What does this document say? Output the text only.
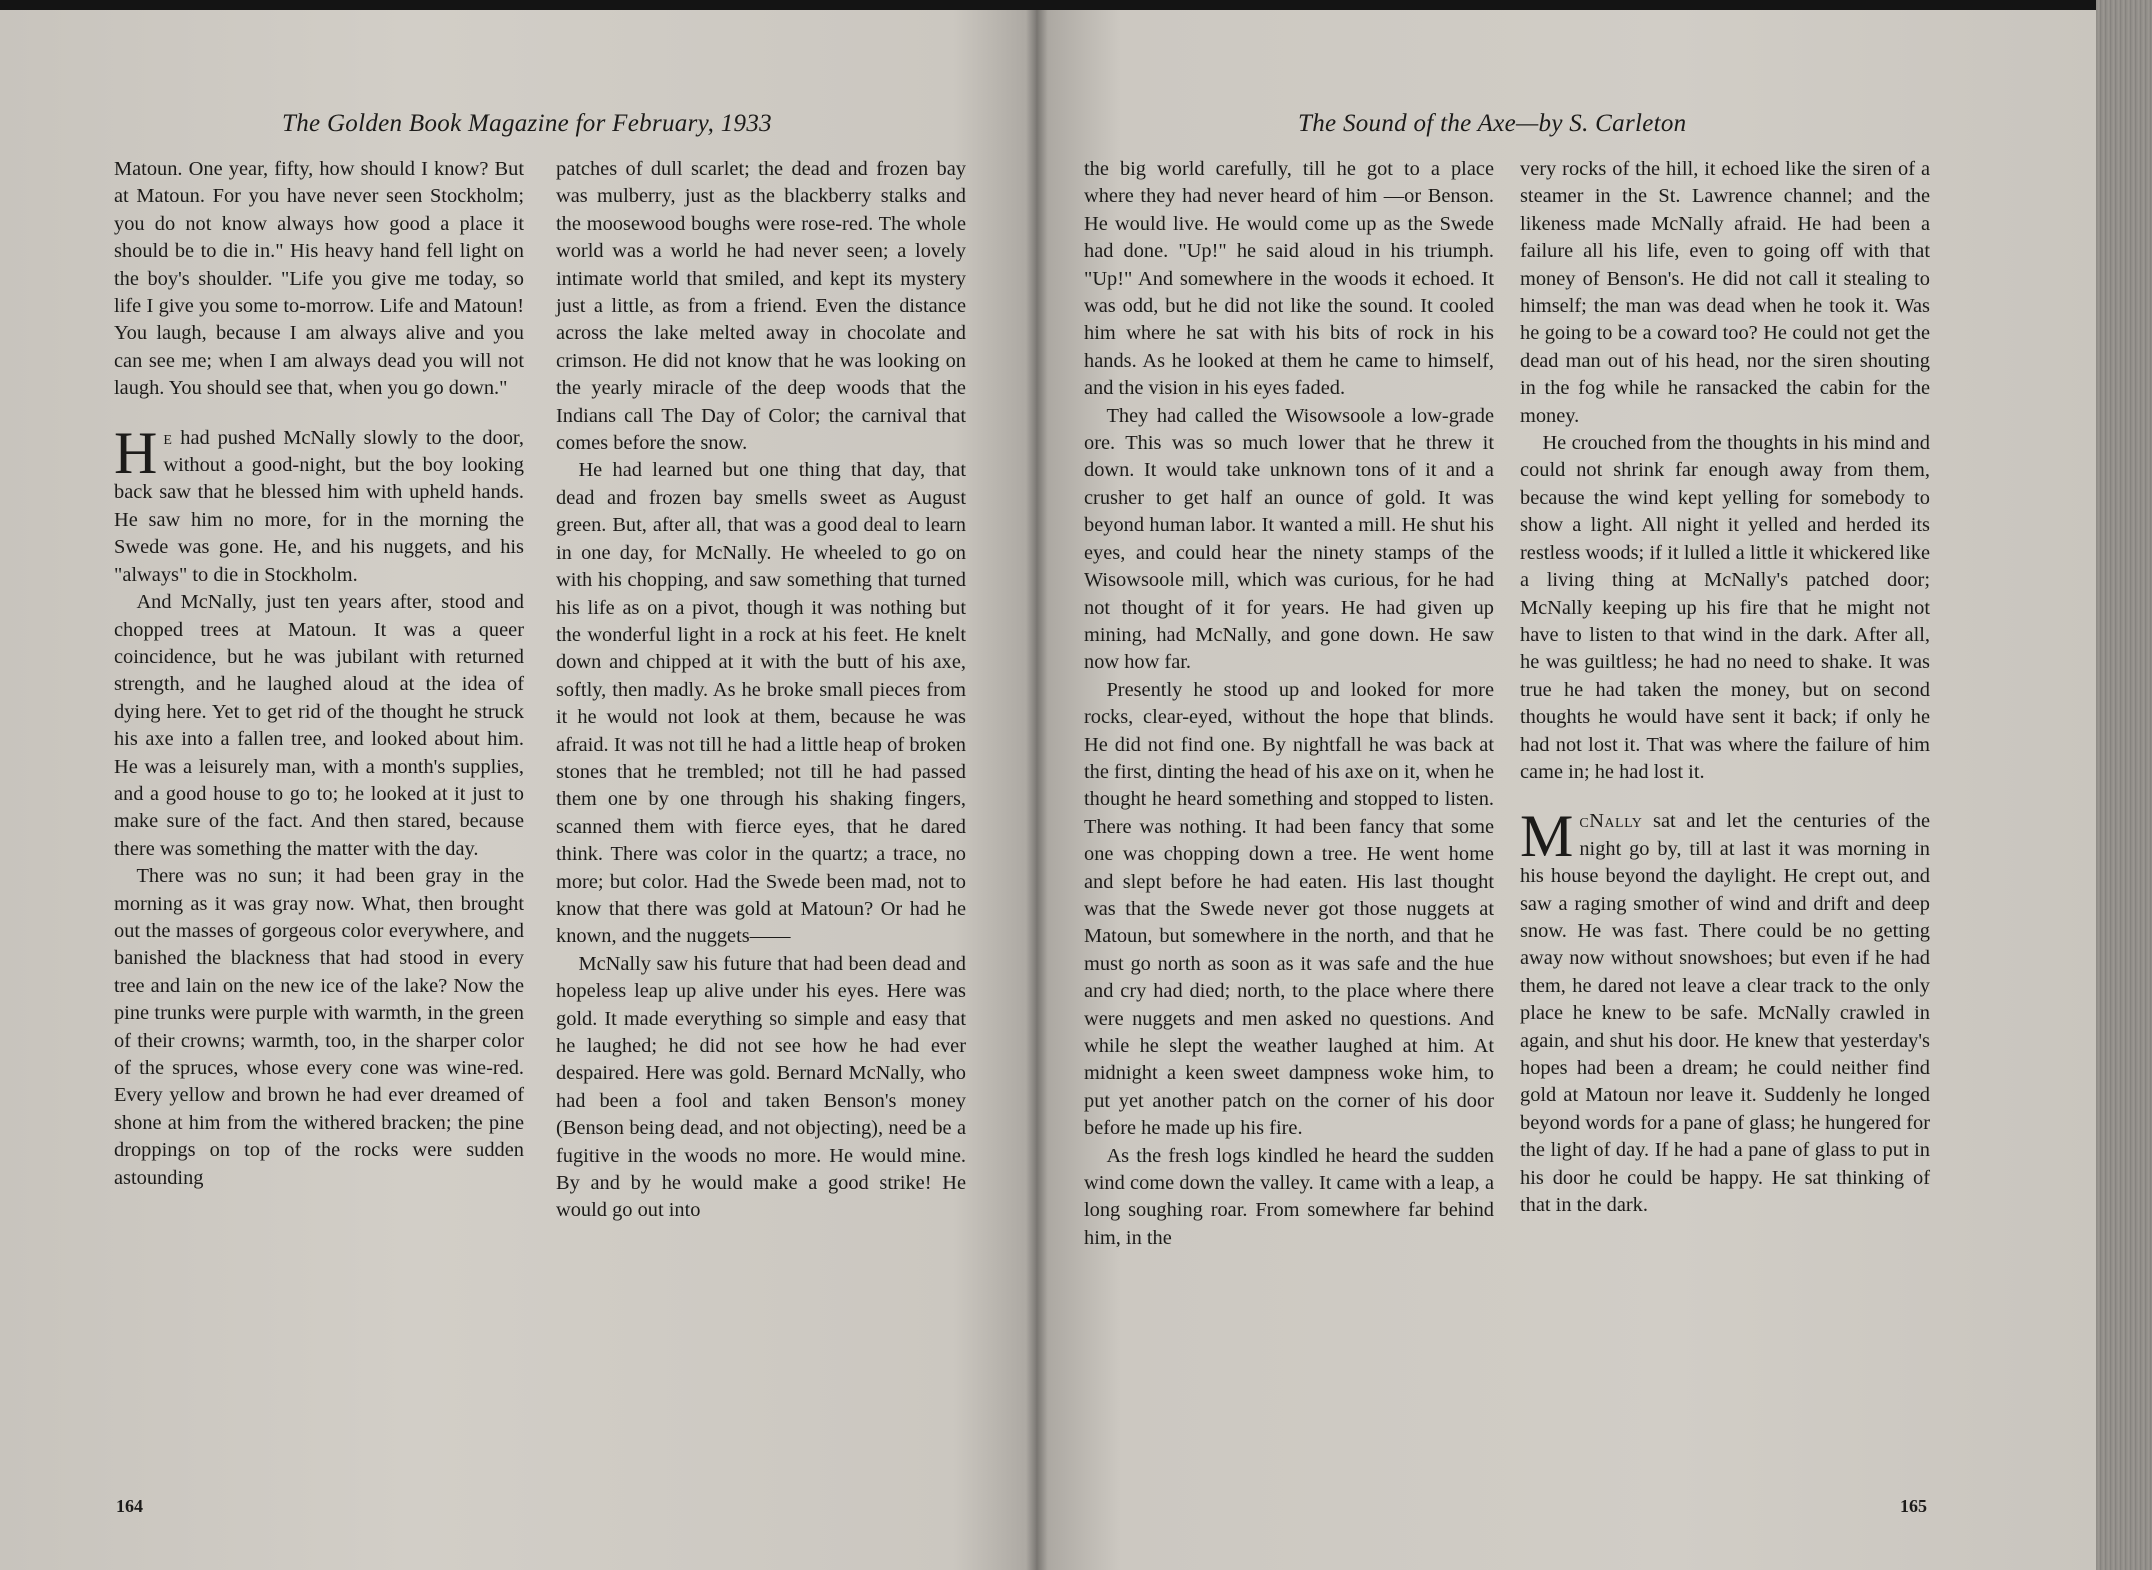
The Golden Book Magazine for February, 1933

Matoun. One year, fifty, how should I know? But at Matoun. For you have never seen Stockholm; you do not know always how good a place it should be to die in." His heavy hand fell light on the boy's shoulder. "Life you give me today, so life I give you some to-morrow. Life and Matoun! You laugh, because I am always alive and you can see me; when I am always dead you will not laugh. You should see that, when you go down."

He had pushed McNally slowly to the door, without a good-night, but the boy looking back saw that he blessed him with upheld hands. He saw him no more, for in the morning the Swede was gone. He, and his nuggets, and his "always" to die in Stockholm.

And McNally, just ten years after, stood and chopped trees at Matoun. It was a queer coincidence, but he was jubilant with returned strength, and he laughed aloud at the idea of dying here. Yet to get rid of the thought he struck his axe into a fallen tree, and looked about him. He was a leisurely man, with a month's supplies, and a good house to go to; he looked at it just to make sure of the fact. And then stared, because there was something the matter with the day.

There was no sun; it had been gray in the morning as it was gray now. What, then brought out the masses of gorgeous color everywhere, and banished the blackness that had stood in every tree and lain on the new ice of the lake? Now the pine trunks were purple with warmth, in the green of their crowns; warmth, too, in the sharper color of the spruces, whose every cone was wine-red. Every yellow and brown he had ever dreamed of shone at him from the withered bracken; the pine droppings on top of the rocks were sudden astounding

patches of dull scarlet; the dead and frozen bay was mulberry, just as the blackberry stalks and the moosewood boughs were rose-red. The whole world was a world he had never seen; a lovely intimate world that smiled, and kept its mystery just a little, as from a friend. Even the distance across the lake melted away in chocolate and crimson. He did not know that he was looking on the yearly miracle of the deep woods that the Indians call The Day of Color; the carnival that comes before the snow.

He had learned but one thing that day, that dead and frozen bay smells sweet as August green. But, after all, that was a good deal to learn in one day, for McNally. He wheeled to go on with his chopping, and saw something that turned his life as on a pivot, though it was nothing but the wonderful light in a rock at his feet. He knelt down and chipped at it with the butt of his axe, softly, then madly. As he broke small pieces from it he would not look at them, because he was afraid. It was not till he had a little heap of broken stones that he trembled; not till he had passed them one by one through his shaking fingers, scanned them with fierce eyes, that he dared think. There was color in the quartz; a trace, no more; but color. Had the Swede been mad, not to know that there was gold at Matoun? Or had he known, and the nuggets——

McNally saw his future that had been dead and hopeless leap up alive under his eyes. Here was gold. It made everything so simple and easy that he laughed; he did not see how he had ever despaired. Here was gold. Bernard McNally, who had been a fool and taken Benson's money (Benson being dead, and not objecting), need be a fugitive in the woods no more. He would mine. By and by he would make a good strike! He would go out into

164
The Sound of the Axe—by S. Carleton

the big world carefully, till he got to a place where they had never heard of him —or Benson. He would live. He would come up as the Swede had done. "Up!" he said aloud in his triumph. "Up!" And somewhere in the woods it echoed. It was odd, but he did not like the sound. It cooled him where he sat with his bits of rock in his hands. As he looked at them he came to himself, and the vision in his eyes faded.

They had called the Wisowsoole a low-grade ore. This was so much lower that he threw it down. It would take unknown tons of it and a crusher to get half an ounce of gold. It was beyond human labor. It wanted a mill. He shut his eyes, and could hear the ninety stamps of the Wisowsoole mill, which was curious, for he had not thought of it for years. He had given up mining, had McNally, and gone down. He saw now how far.

Presently he stood up and looked for more rocks, clear-eyed, without the hope that blinds. He did not find one. By nightfall he was back at the first, dinting the head of his axe on it, when he thought he heard something and stopped to listen. There was nothing. It had been fancy that some one was chopping down a tree. He went home and slept before he had eaten. His last thought was that the Swede never got those nuggets at Matoun, but somewhere in the north, and that he must go north as soon as it was safe and the hue and cry had died; north, to the place where there were nuggets and men asked no questions. And while he slept the weather laughed at him. At midnight a keen sweet dampness woke him, to put yet another patch on the corner of his door before he made up his fire.

As the fresh logs kindled he heard the sudden wind come down the valley. It came with a leap, a long soughing roar. From somewhere far behind him, in the

very rocks of the hill, it echoed like the siren of a steamer in the St. Lawrence channel; and the likeness made McNally afraid. He had been a failure all his life, even to going off with that money of Benson's. He did not call it stealing to himself; the man was dead when he took it. Was he going to be a coward too? He could not get the dead man out of his head, nor the siren shouting in the fog while he ransacked the cabin for the money.

He crouched from the thoughts in his mind and could not shrink far enough away from them, because the wind kept yelling for somebody to show a light. All night it yelled and herded its restless woods; if it lulled a little it whickered like a living thing at McNally's patched door; McNally keeping up his fire that he might not have to listen to that wind in the dark. After all, he was guiltless; he had no need to shake. It was true he had taken the money, but on second thoughts he would have sent it back; if only he had not lost it. That was where the failure of him came in; he had lost it.

McNally sat and let the centuries of the night go by, till at last it was morning in his house beyond the daylight. He crept out, and saw a raging smother of wind and drift and deep snow. He was fast. There could be no getting away now without snowshoes; but even if he had them, he dared not leave a clear track to the only place he knew to be safe. McNally crawled in again, and shut his door. He knew that yesterday's hopes had been a dream; he could neither find gold at Matoun nor leave it. Suddenly he longed beyond words for a pane of glass; he hungered for the light of day. If he had a pane of glass to put in his door he could be happy. He sat thinking of that in the dark.

165
